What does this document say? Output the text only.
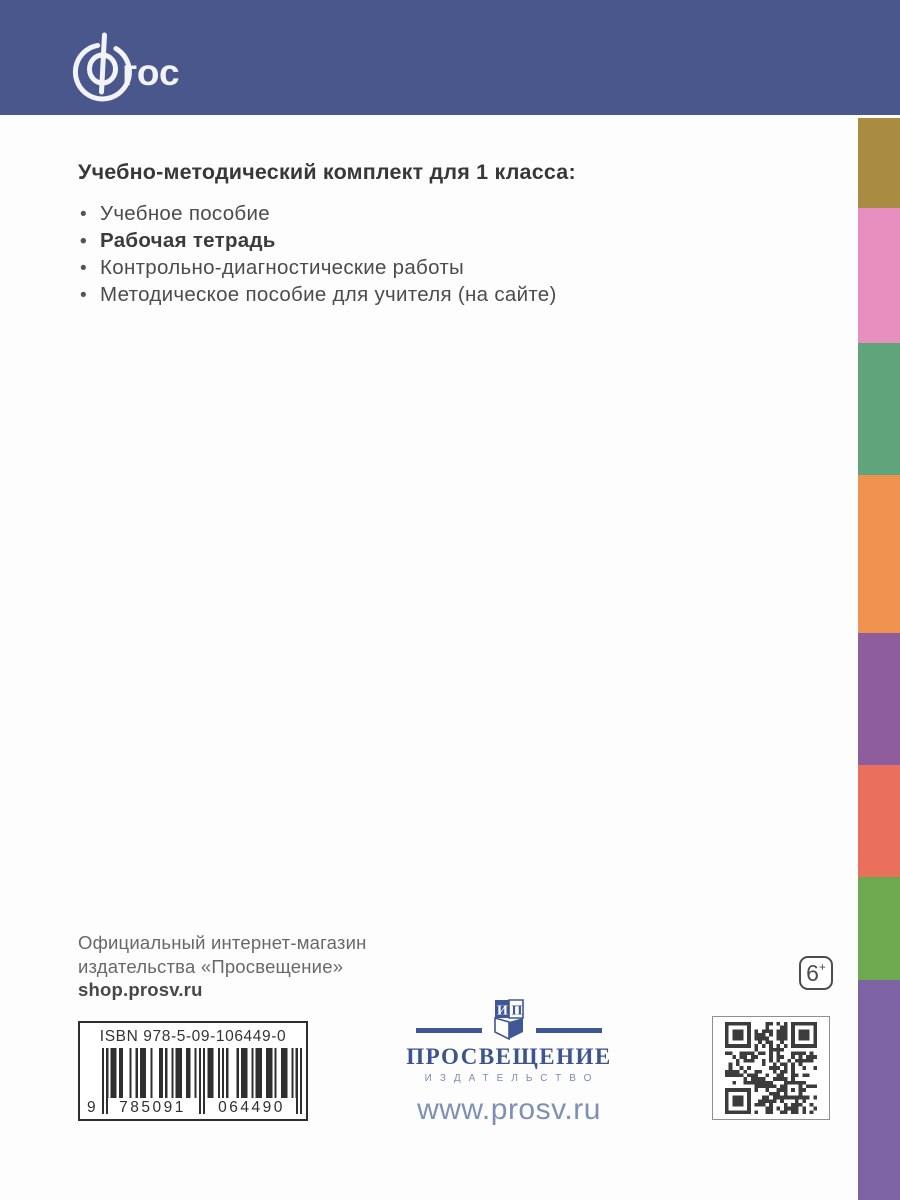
гос
Учебно-методический комплект для 1 класса:
• Учебное пособие
• Рабочая тетрадь
• Контрольно-диагностические работы
• Методическое пособие для учителя (на сайте)
Официальный интернет-магазин
издательства «Просвещение»
shop.prosv.ru
ISBN 978-5-09-106449-0
9	785091	064490
И П
ПРОСВЕЩЕНИЕ
ИЗДАТЕЛЬСТВО
www.prosv.ru
6 +
